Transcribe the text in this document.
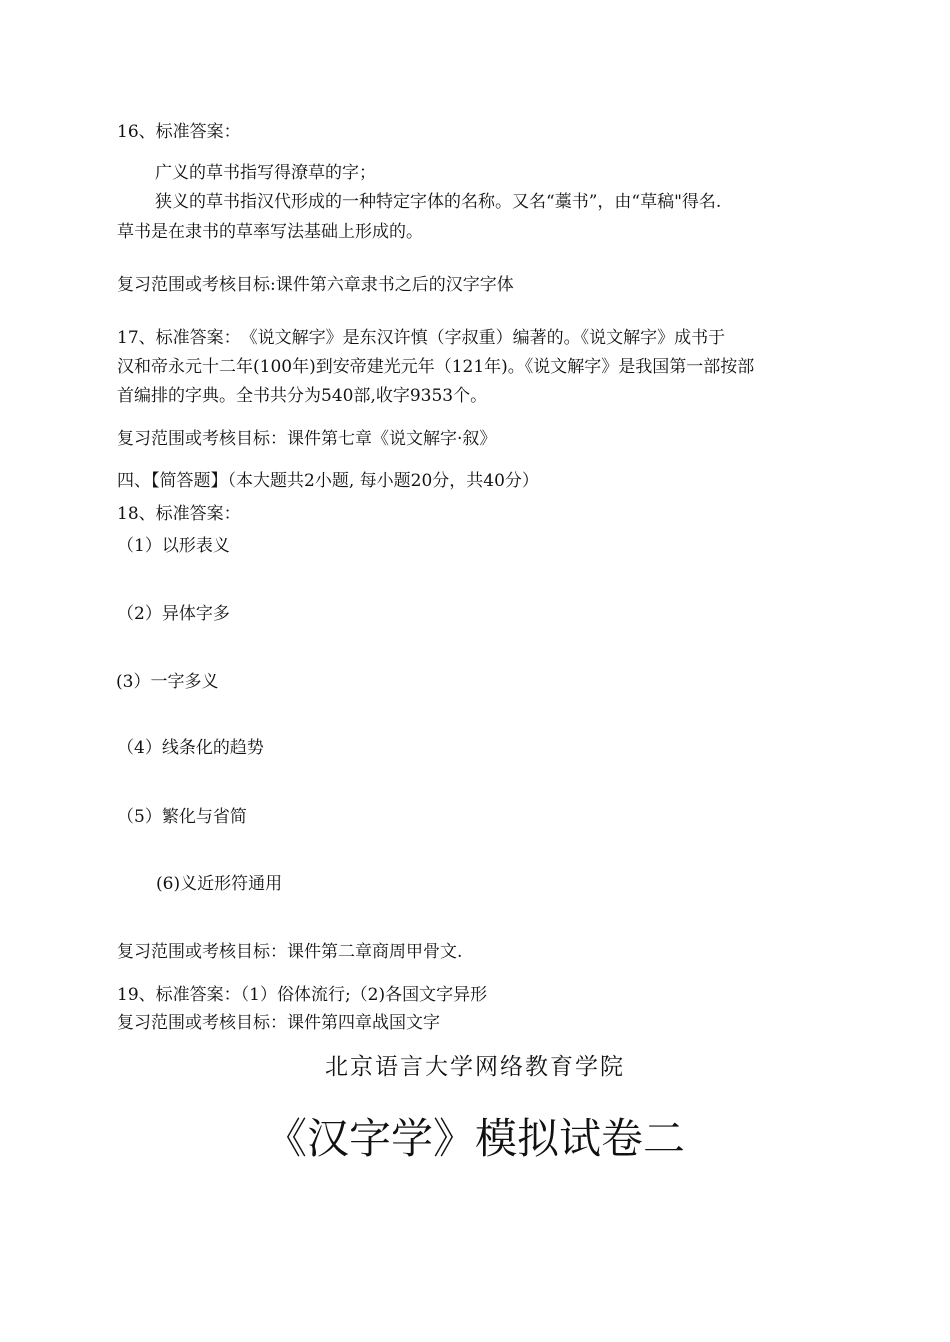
16、标准答案：
广义的草书指写得潦草的字；
狭义的草书指汉代形成的一种特定字体的名称。又名“藁书”，由“草稿"得名.
草书是在隶书的草率写法基础上形成的。
复习范围或考核目标:课件第六章隶书之后的汉字字体
17、标准答案：　《说文解字》是东汉许慎（字叔重）编著的。《说文解字》成书于
汉和帝永元十二年(100年)到安帝建光元年（121年)。《说文解字》是我国第一部按部
首编排的字典。全书共分为540部,收字9353个。
复习范围或考核目标：课件第七章《说文解字·叙》
四、【简答题】（本大题共2小题, 每小题20分，共40分）
18、标准答案：
（1）以形表义
（2）异体字多
(3）一字多义
（4）线条化的趋势
（5）繁化与省简
(6)义近形符通用
复习范围或考核目标：课件第二章商周甲骨文.
19、标准答案：（1）俗体流行;（2)各国文字异形
复习范围或考核目标：课件第四章战国文字
北京语言大学网络教育学院
《汉字学》模拟试卷二
